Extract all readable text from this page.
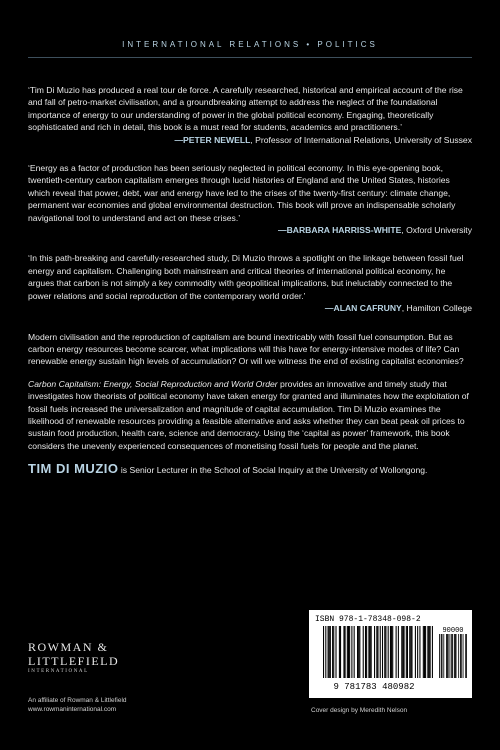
INTERNATIONAL RELATIONS • POLITICS

‘Tim Di Muzio has produced a real tour de force. A carefully researched, historical and empirical account of the rise and fall of petro-market civilisation, and a groundbreaking attempt to address the neglect of the foundational importance of energy to our understanding of power in the global political economy. Engaging, theoretically sophisticated and rich in detail, this book is a must read for students, academics and practitioners.’

—PETER NEWELL, Professor of International Relations, University of Sussex

‘Energy as a factor of production has been seriously neglected in political economy. In this eye-opening book, twentieth-century carbon capitalism emerges through lucid histories of England and the United States, histories which reveal that power, debt, war and energy have led to the crises of the twenty-first century: climate change, permanent war economies and global environmental destruction. This book will prove an indispensable scholarly navigational tool to understand and act on these crises.’

—BARBARA HARRISS-WHITE, Oxford University

‘In this path-breaking and carefully-researched study, Di Muzio throws a spotlight on the linkage between fossil fuel energy and capitalism. Challenging both mainstream and critical theories of international political economy, he argues that carbon is not simply a key commodity with geopolitical implications, but ineluctably connected to the power relations and social reproduction of the contemporary world order.’

—ALAN CAFRUNY, Hamilton College

Modern civilisation and the reproduction of capitalism are bound inextricably with fossil fuel consumption. But as carbon energy resources become scarcer, what implications will this have for energy-intensive modes of life? Can renewable energy sustain high levels of accumulation? Or will we witness the end of existing capitalist economies?

Carbon Capitalism: Energy, Social Reproduction and World Order provides an innovative and timely study that investigates how theorists of political economy have taken energy for granted and illuminates how the exploitation of fossil fuels increased the universalization and magnitude of capital accumulation. Tim Di Muzio examines the likelihood of renewable resources providing a feasible alternative and asks whether they can beat peak oil prices to sustain food production, health care, science and democracy. Using the ‘capital as power’ framework, this book considers the unevenly experienced consequences of monetising fossil fuels for people and the planet.

TIM DI MUZIO is Senior Lecturer in the School of Social Inquiry at the University of Wollongong.
ROWMAN &
LITTLEFIELD
INTERNATIONAL
An affiliate of Rowman & Littlefield
www.rowmaninternational.com
ISBN 978-1-78348-098-2
90000
9 781783 480982
Cover design by Meredith Nelson
